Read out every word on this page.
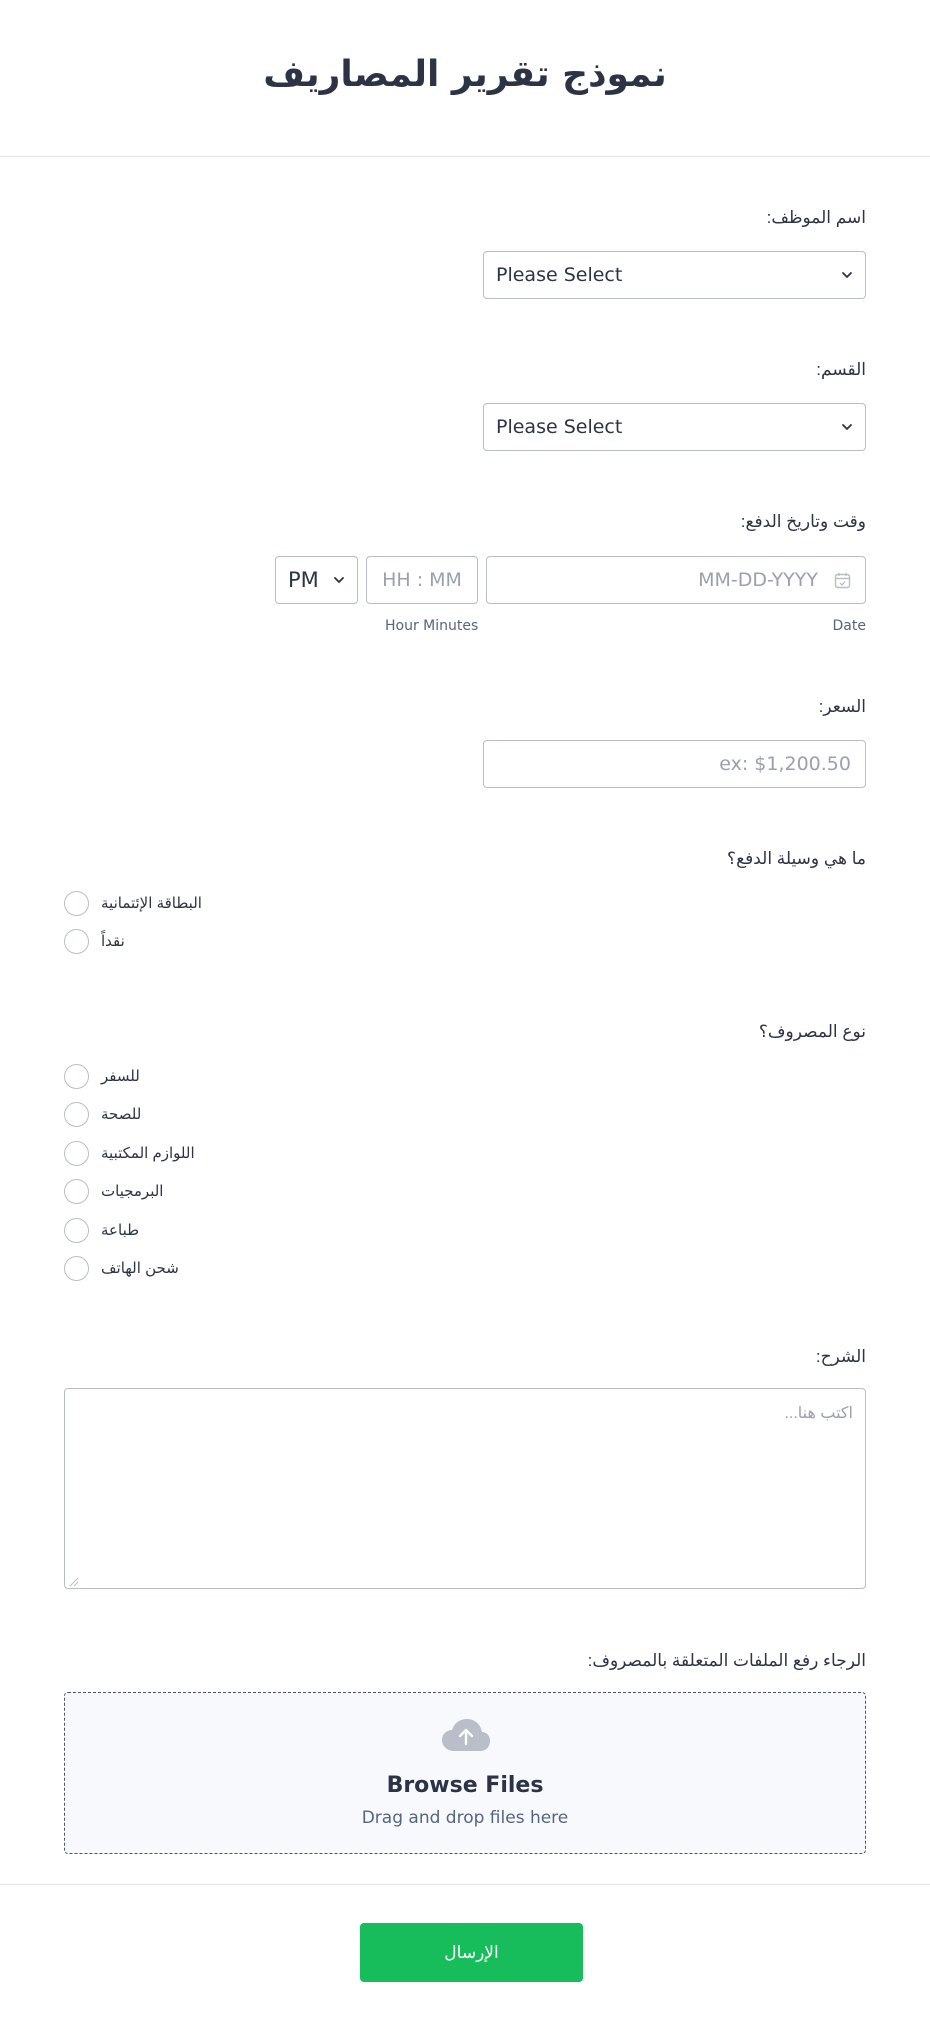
نموذج تقرير المصاريف
اسم الموظف:
Please Select
القسم:
Please Select
وقت وتاريخ الدفع:
PM	HH : MM	MM-DD-YYYY
Hour Minutes	Date
السعر:
ex: $1,200.50
ما هي وسيلة الدفع؟
البطاقة الإئتمانية
نقداً
نوع المصروف؟
للسفر
للصحة
اللوازم المكتبية
البرمجيات
طباعة
شحن الهاتف
الشرح:
اكتب هنا...
الرجاء رفع الملفات المتعلقة بالمصروف:
Browse Files
Drag and drop files here
الإرسال
